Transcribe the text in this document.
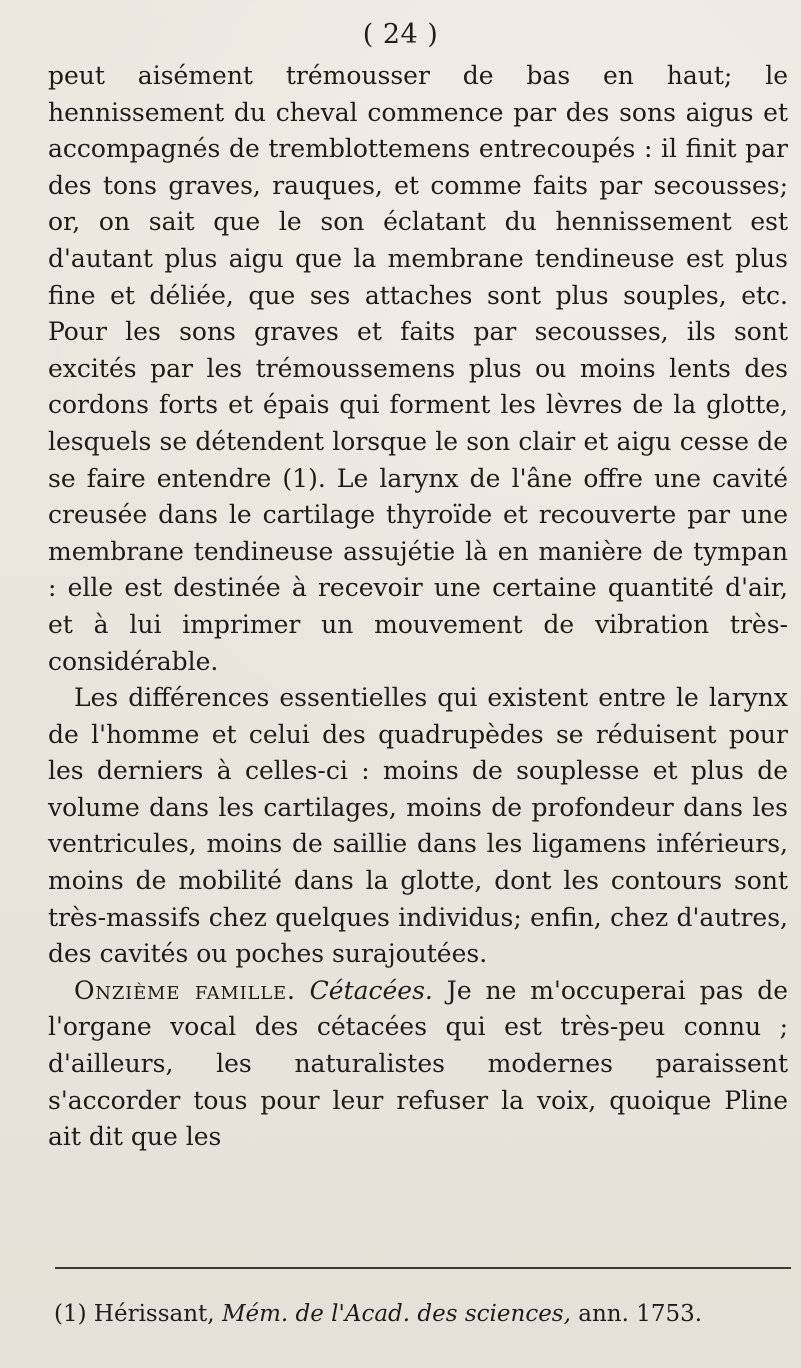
( 24 )

peut aisément trémousser de bas en haut; le hennissement du cheval commence par des sons aigus et accompagnés de tremblottemens entrecoupés : il finit par des tons graves, rauques, et comme faits par secousses; or, on sait que le son éclatant du hennissement est d'autant plus aigu que la membrane tendineuse est plus fine et déliée, que ses attaches sont plus souples, etc. Pour les sons graves et faits par secousses, ils sont excités par les trémoussemens plus ou moins lents des cordons forts et épais qui forment les lèvres de la glotte, lesquels se détendent lorsque le son clair et aigu cesse de se faire entendre (1). Le larynx de l'âne offre une cavité creusée dans le cartilage thyroïde et recouverte par une membrane tendineuse assujétie là en manière de tympan : elle est destinée à recevoir une certaine quantité d'air, et à lui imprimer un mouvement de vibration très-considérable.

Les différences essentielles qui existent entre le larynx de l'homme et celui des quadrupèdes se réduisent pour les derniers à celles-ci : moins de souplesse et plus de volume dans les cartilages, moins de profondeur dans les ventricules, moins de saillie dans les ligamens inférieurs, moins de mobilité dans la glotte, dont les contours sont très-massifs chez quelques individus; enfin, chez d'autres, des cavités ou poches surajoutées.

Onzième famille. Cétacées. Je ne m'occuperai pas de l'organe vocal des cétacées qui est très-peu connu ; d'ailleurs, les naturalistes modernes paraissent s'accorder tous pour leur refuser la voix, quoique Pline ait dit que les

(1) Hérissant, Mém. de l'Acad. des sciences, ann. 1753.
